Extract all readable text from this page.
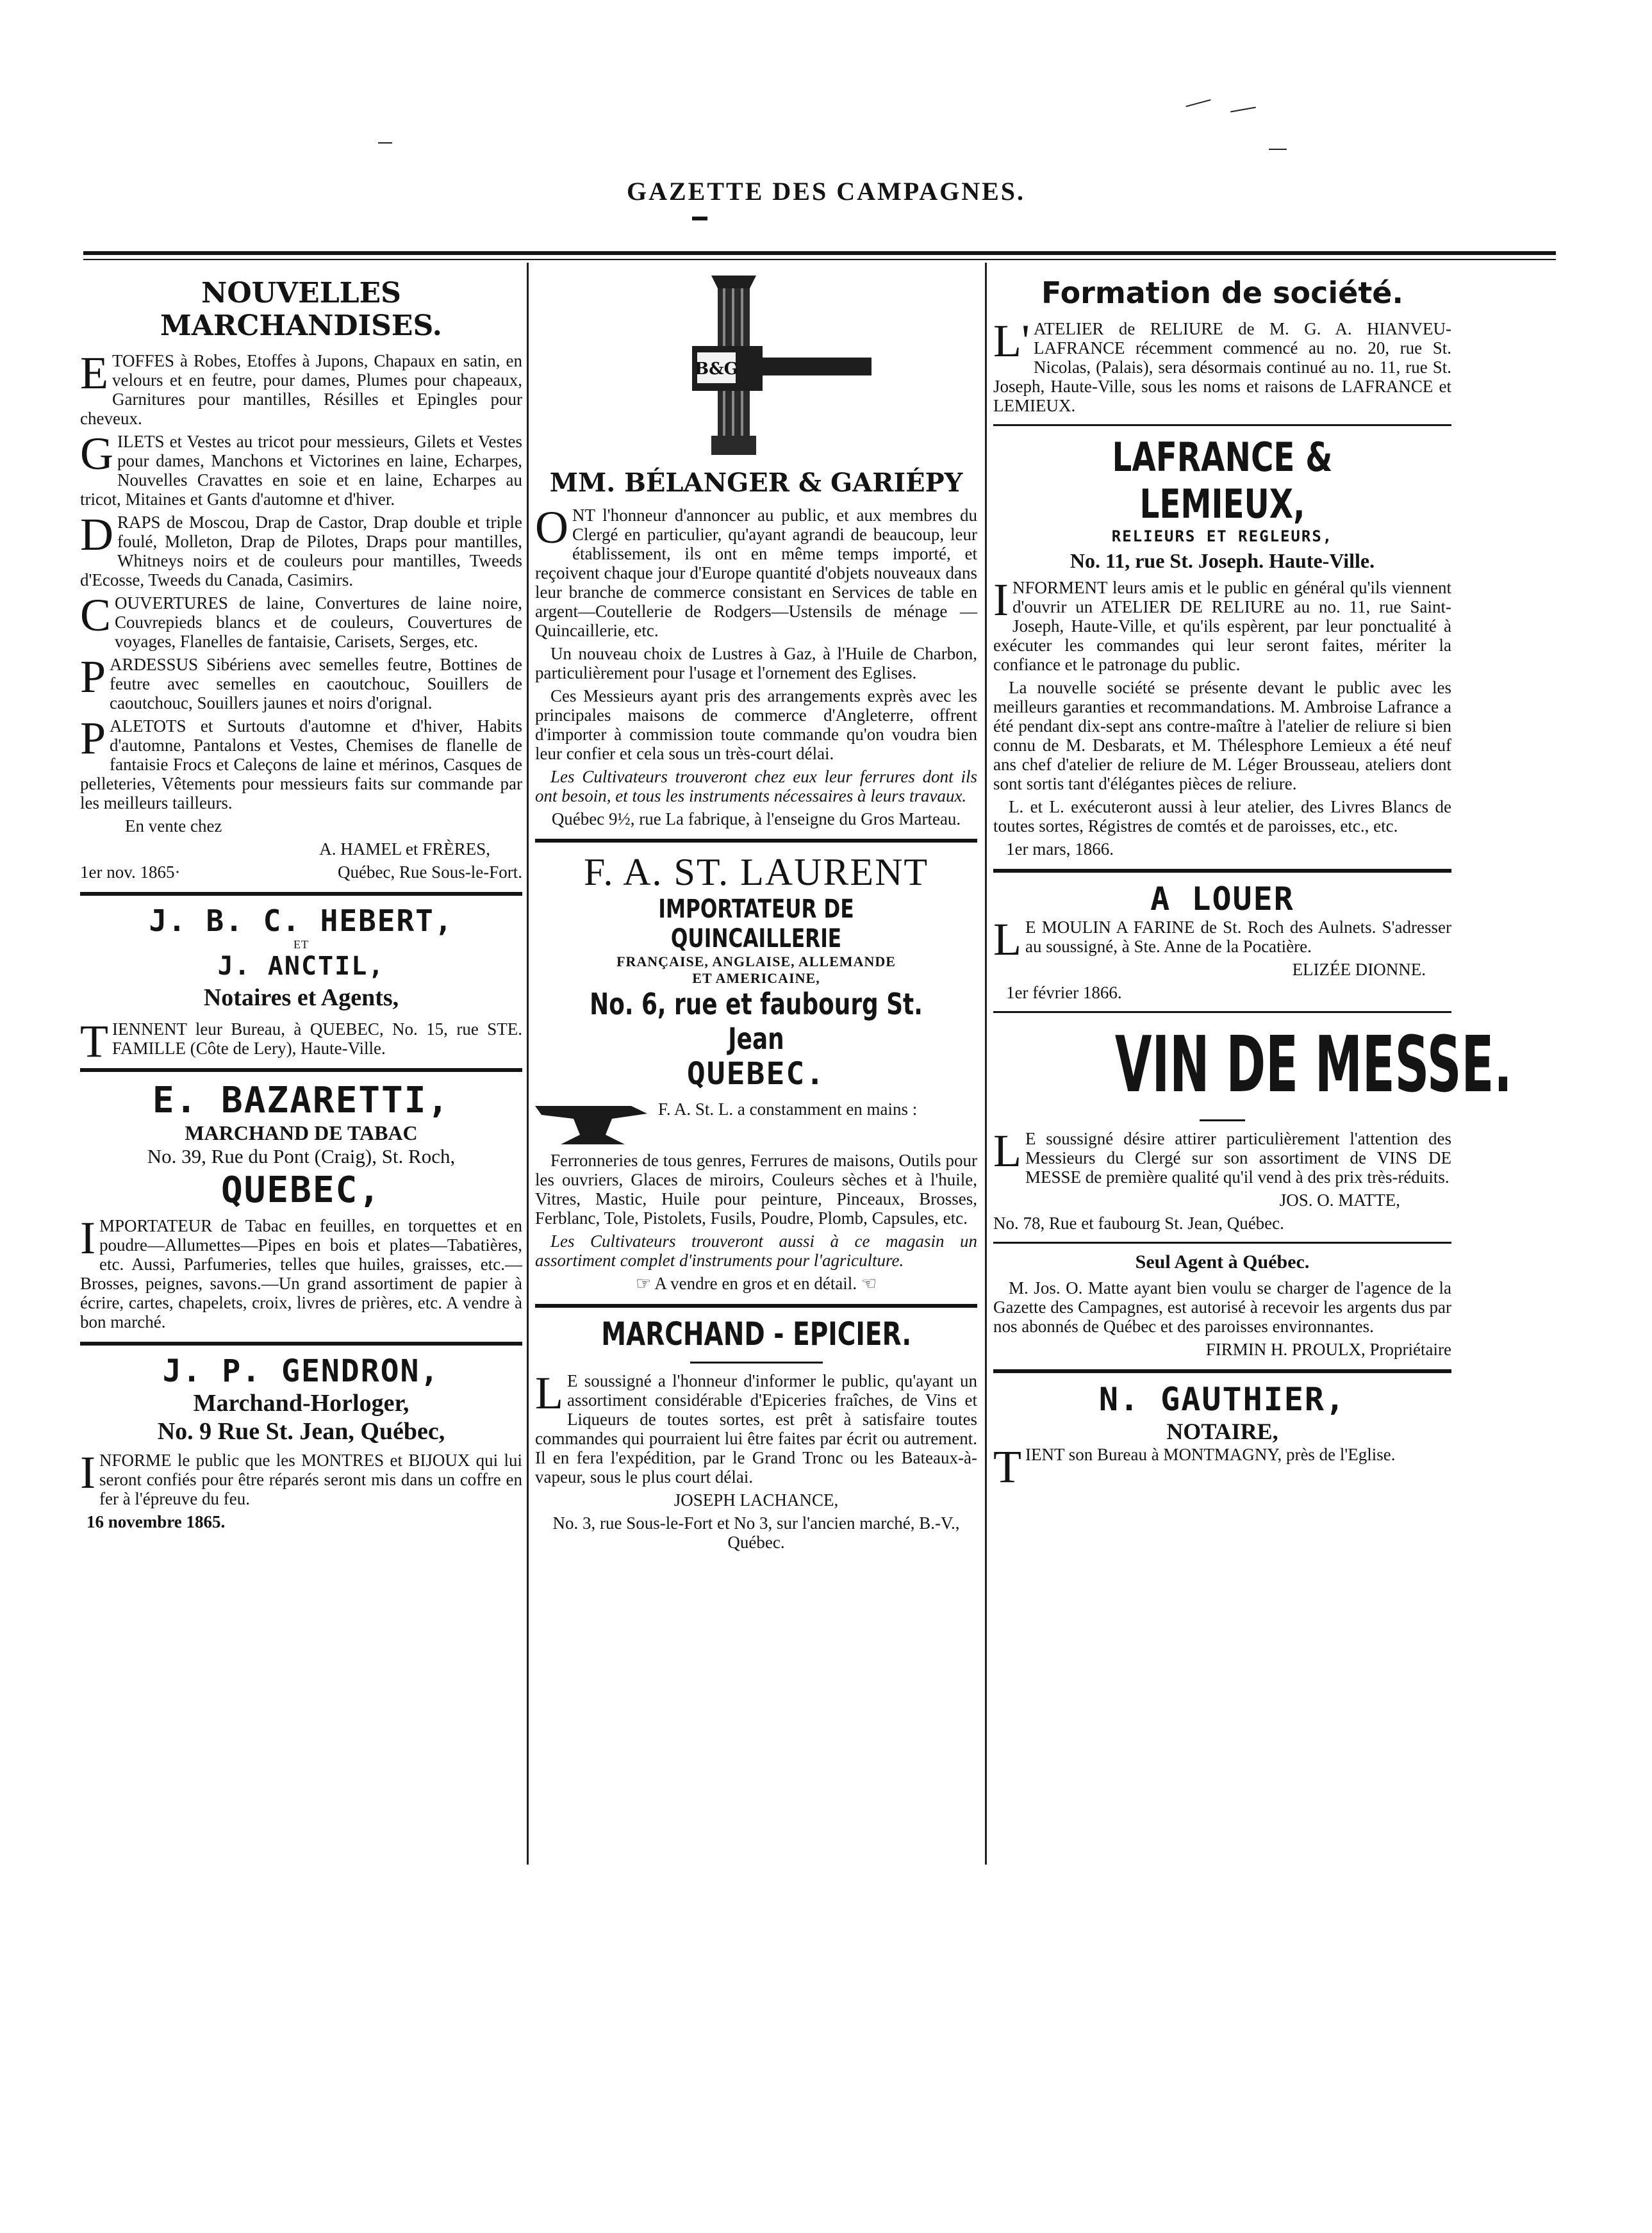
GAZETTE DES CAMPAGNES.
NOUVELLES MARCHANDISES.

ETOFFES à Robes, Etoffes à Jupons, Chapaux en satin, en velours et en feutre, pour dames, Plumes pour chapeaux, Garnitures pour mantilles, Résilles et Epingles pour cheveux.

GILETS et Vestes au tricot pour messieurs, Gilets et Vestes pour dames, Manchons et Victorines en laine, Echarpes, Nouvelles Cravattes en soie et en laine, Echarpes au tricot, Mitaines et Gants d'automne et d'hiver.

DRAPS de Moscou, Drap de Castor, Drap double et triple foulé, Molleton, Drap de Pilotes, Draps pour mantilles, Whitneys noirs et de couleurs pour mantilles, Tweeds d'Ecosse, Tweeds du Canada, Casimirs.

COUVERTURES de laine, Convertures de laine noire, Couvrepieds blancs et de couleurs, Couvertures de voyages, Flanelles de fantaisie, Carisets, Serges, etc.

PARDESSUS Sibériens avec semelles feutre, Bottines de feutre avec semelles en caoutchouc, Souillers de caoutchouc, Souillers jaunes et noirs d'orignal.

PALETOTS et Surtouts d'automne et d'hiver, Habits d'automne, Pantalons et Vestes, Chemises de flanelle de fantaisie Frocs et Caleçons de laine et mérinos, Casques de pelleteries, Vêtements pour messieurs faits sur commande par les meilleurs tailleurs.

En vente chez

A. HAMEL et FRÈRES,

1er nov. 1865·	Québec, Rue Sous-le-Fort.

J. B. C. HEBERT,
ET
J. ANCTIL,
Notaires et Agents,

TIENNENT leur Bureau, à QUEBEC, No. 15, rue STE. FAMILLE (Côte de Lery), Haute-Ville.

E. BAZARETTI,
MARCHAND DE TABAC
No. 39, Rue du Pont (Craig), St. Roch,
QUEBEC,

IMPORTATEUR de Tabac en feuilles, en torquettes et en poudre—Allumettes—Pipes en bois et plates—Tabatières, etc. Aussi, Parfumeries, telles que huiles, graisses, etc.—Brosses, peignes, savons.—Un grand assortiment de papier à écrire, cartes, chapelets, croix, livres de prières, etc. A vendre à bon marché.

J. P. GENDRON,
Marchand-Horloger,
No. 9 Rue St. Jean, Québec,

INFORME le public que les MONTRES et BIJOUX qui lui seront confiés pour être réparés seront mis dans un coffre en fer à l'épreuve du feu.

16 novembre 1865.

B&G
MM. BÉLANGER & GARIÉPY

ONT l'honneur d'annoncer au public, et aux membres du Clergé en particulier, qu'ayant agrandi de beaucoup, leur établissement, ils ont en même temps importé, et reçoivent chaque jour d'Europe quantité d'objets nouveaux dans leur branche de commerce consistant en Services de table en argent—Coutellerie de Rodgers—Ustensils de ménage — Quincaillerie, etc.

Un nouveau choix de Lustres à Gaz, à l'Huile de Charbon, particulièrement pour l'usage et l'ornement des Eglises.

Ces Messieurs ayant pris des arrangements exprès avec les principales maisons de commerce d'Angleterre, offrent d'importer à commission toute commande qu'on voudra bien leur confier et cela sous un très-court délai.

Les Cultivateurs trouveront chez eux leur ferrures dont ils ont besoin, et tous les instruments nécessaires à leurs travaux.

Québec 9½, rue La fabrique, à l'enseigne du Gros Marteau.

F. A. ST. LAURENT
IMPORTATEUR DE QUINCAILLERIE
FRANÇAISE, ANGLAISE, ALLEMANDE
ET AMERICAINE,
No. 6, rue et faubourg St. Jean
QUEBEC.

F. A. St. L. a constamment en mains :

Ferronneries de tous genres, Ferrures de maisons, Outils pour les ouvriers, Glaces de miroirs, Couleurs sèches et à l'huile, Vitres, Mastic, Huile pour peinture, Pinceaux, Brosses, Ferblanc, Tole, Pistolets, Fusils, Poudre, Plomb, Capsules, etc.

Les Cultivateurs trouveront aussi à ce magasin un assortiment complet d'instruments pour l'agriculture.

☞ A vendre en gros et en détail. ☜

MARCHAND - EPICIER.

LE soussigné a l'honneur d'informer le public, qu'ayant un assortiment considérable d'Epiceries fraîches, de Vins et Liqueurs de toutes sortes, est prêt à satisfaire toutes commandes qui pourraient lui être faites par écrit ou autrement. Il en fera l'expédition, par le Grand Tronc ou les Bateaux-à-vapeur, sous le plus court délai.

JOSEPH LACHANCE,

No. 3, rue Sous-le-Fort et No 3, sur l'ancien marché, B.-V., Québec.

Formation de société.

L'ATELIER de RELIURE de M. G. A. HIANVEU-LAFRANCE récemment commencé au no. 20, rue St. Nicolas, (Palais), sera désormais continué au no. 11, rue St. Joseph, Haute-Ville, sous les noms et raisons de LAFRANCE et LEMIEUX.

LAFRANCE & LEMIEUX,
RELIEURS ET REGLEURS,
No. 11, rue St. Joseph. Haute-Ville.

INFORMENT leurs amis et le public en général qu'ils viennent d'ouvrir un ATELIER DE RELIURE au no. 11, rue Saint-Joseph, Haute-Ville, et qu'ils espèrent, par leur ponctualité à exécuter les commandes qui leur seront faites, mériter la confiance et le patronage du public.

La nouvelle société se présente devant le public avec les meilleurs garanties et recommandations. M. Ambroise Lafrance a été pendant dix-sept ans contre-maître à l'atelier de reliure si bien connu de M. Desbarats, et M. Thélesphore Lemieux a été neuf ans chef d'atelier de reliure de M. Léger Brousseau, ateliers dont sont sortis tant d'élégantes pièces de reliure.

L. et L. exécuteront aussi à leur atelier, des Livres Blancs de toutes sortes, Régistres de comtés et de paroisses, etc., etc.

1er mars, 1866.

A LOUER

LE MOULIN A FARINE de St. Roch des Aulnets. S'adresser au soussigné, à Ste. Anne de la Pocatière.

ELIZÉE DIONNE.

1er février 1866.

VIN DE MESSE.

LE soussigné désire attirer particulièrement l'attention des Messieurs du Clergé sur son assortiment de VINS DE MESSE de première qualité qu'il vend à des prix très-réduits.

JOS. O. MATTE,

No. 78, Rue et faubourg St. Jean, Québec.

Seul Agent à Québec.

M. Jos. O. Matte ayant bien voulu se charger de l'agence de la Gazette des Campagnes, est autorisé à recevoir les argents dus par nos abonnés de Québec et des paroisses environnantes.

FIRMIN H. PROULX, Propriétaire

N. GAUTHIER,
NOTAIRE,

TIENT son Bureau à MONTMAGNY, près de l'Eglise.
